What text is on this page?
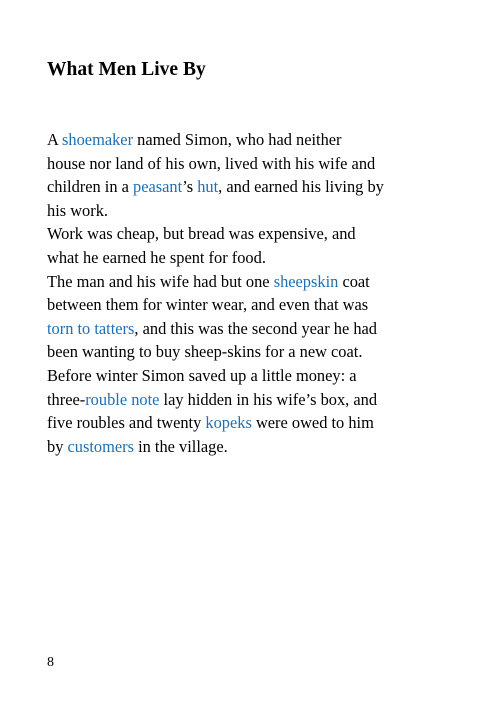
What Men Live By
A shoemaker named Simon, who had neither
house nor land of his own, lived with his wife and
children in a peasant’s hut, and earned his living by
his work.
Work was cheap, but bread was expensive, and
what he earned he spent for food.
The man and his wife had but one sheepskin coat
between them for winter wear, and even that was
torn to tatters, and this was the second year he had
been wanting to buy sheep-skins for a new coat.
Before winter Simon saved up a little money: a
three-rouble note lay hidden in his wife’s box, and
five roubles and twenty kopeks were owed to him
by customers in the village.
8
